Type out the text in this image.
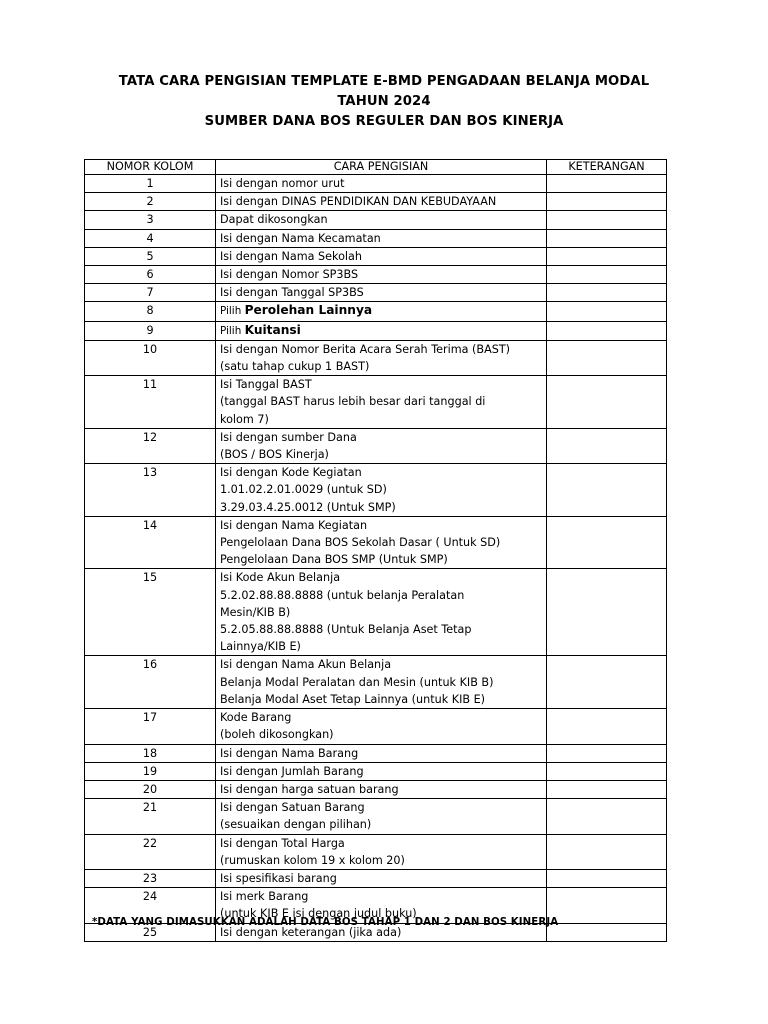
TATA CARA PENGISIAN TEMPLATE E-BMD PENGADAAN BELANJA MODAL
TAHUN 2024
SUMBER DANA BOS REGULER DAN BOS KINERJA
NOMOR KOLOM	CARA PENGISIAN	KETERANGAN
1	Isi dengan nomor urut	

2	Isi dengan DINAS PENDIDIKAN DAN KEBUDAYAAN	

3	Dapat dikosongkan	

4	Isi dengan Nama Kecamatan	

5	Isi dengan Nama Sekolah	

6	Isi dengan Nomor SP3BS	

7	Isi dengan Tanggal SP3BS	

8	Pilih Perolehan Lainnya	

9	Pilih Kuitansi	

10	Isi dengan Nomor Berita Acara Serah Terima (BAST)
(satu tahap cukup 1 BAST)	

11	Isi Tanggal BAST
(tanggal BAST harus lebih besar dari tanggal di
kolom 7)	

12	Isi dengan sumber Dana
(BOS / BOS Kinerja)	

13	Isi dengan Kode Kegiatan
1.01.02.2.01.0029 (untuk SD)
3.29.03.4.25.0012 (Untuk SMP)	

14	Isi dengan Nama Kegiatan
Pengelolaan Dana BOS Sekolah Dasar ( Untuk SD)
Pengelolaan Dana BOS SMP (Untuk SMP)	

15	Isi Kode Akun Belanja
5.2.02.88.88.8888 (untuk belanja Peralatan
Mesin/KIB B)
5.2.05.88.88.8888 (Untuk Belanja Aset Tetap
Lainnya/KIB E)	

16	Isi dengan Nama Akun Belanja
Belanja Modal Peralatan dan Mesin (untuk KIB B)
Belanja Modal Aset Tetap Lainnya (untuk KIB E)	

17	Kode Barang
(boleh dikosongkan)	

18	Isi dengan Nama Barang	

19	Isi dengan Jumlah Barang	

20	Isi dengan harga satuan barang	

21	Isi dengan Satuan Barang
(sesuaikan dengan pilihan)	

22	Isi dengan Total Harga
(rumuskan kolom 19 x kolom 20)	

23	Isi spesifikasi barang	

24	Isi merk Barang
(untuk KIB E isi dengan judul buku)	

25	Isi dengan keterangan (jika ada)	

*DATA YANG DIMASUKKAN ADALAH DATA BOS TAHAP 1 DAN 2 DAN BOS KINERJA
